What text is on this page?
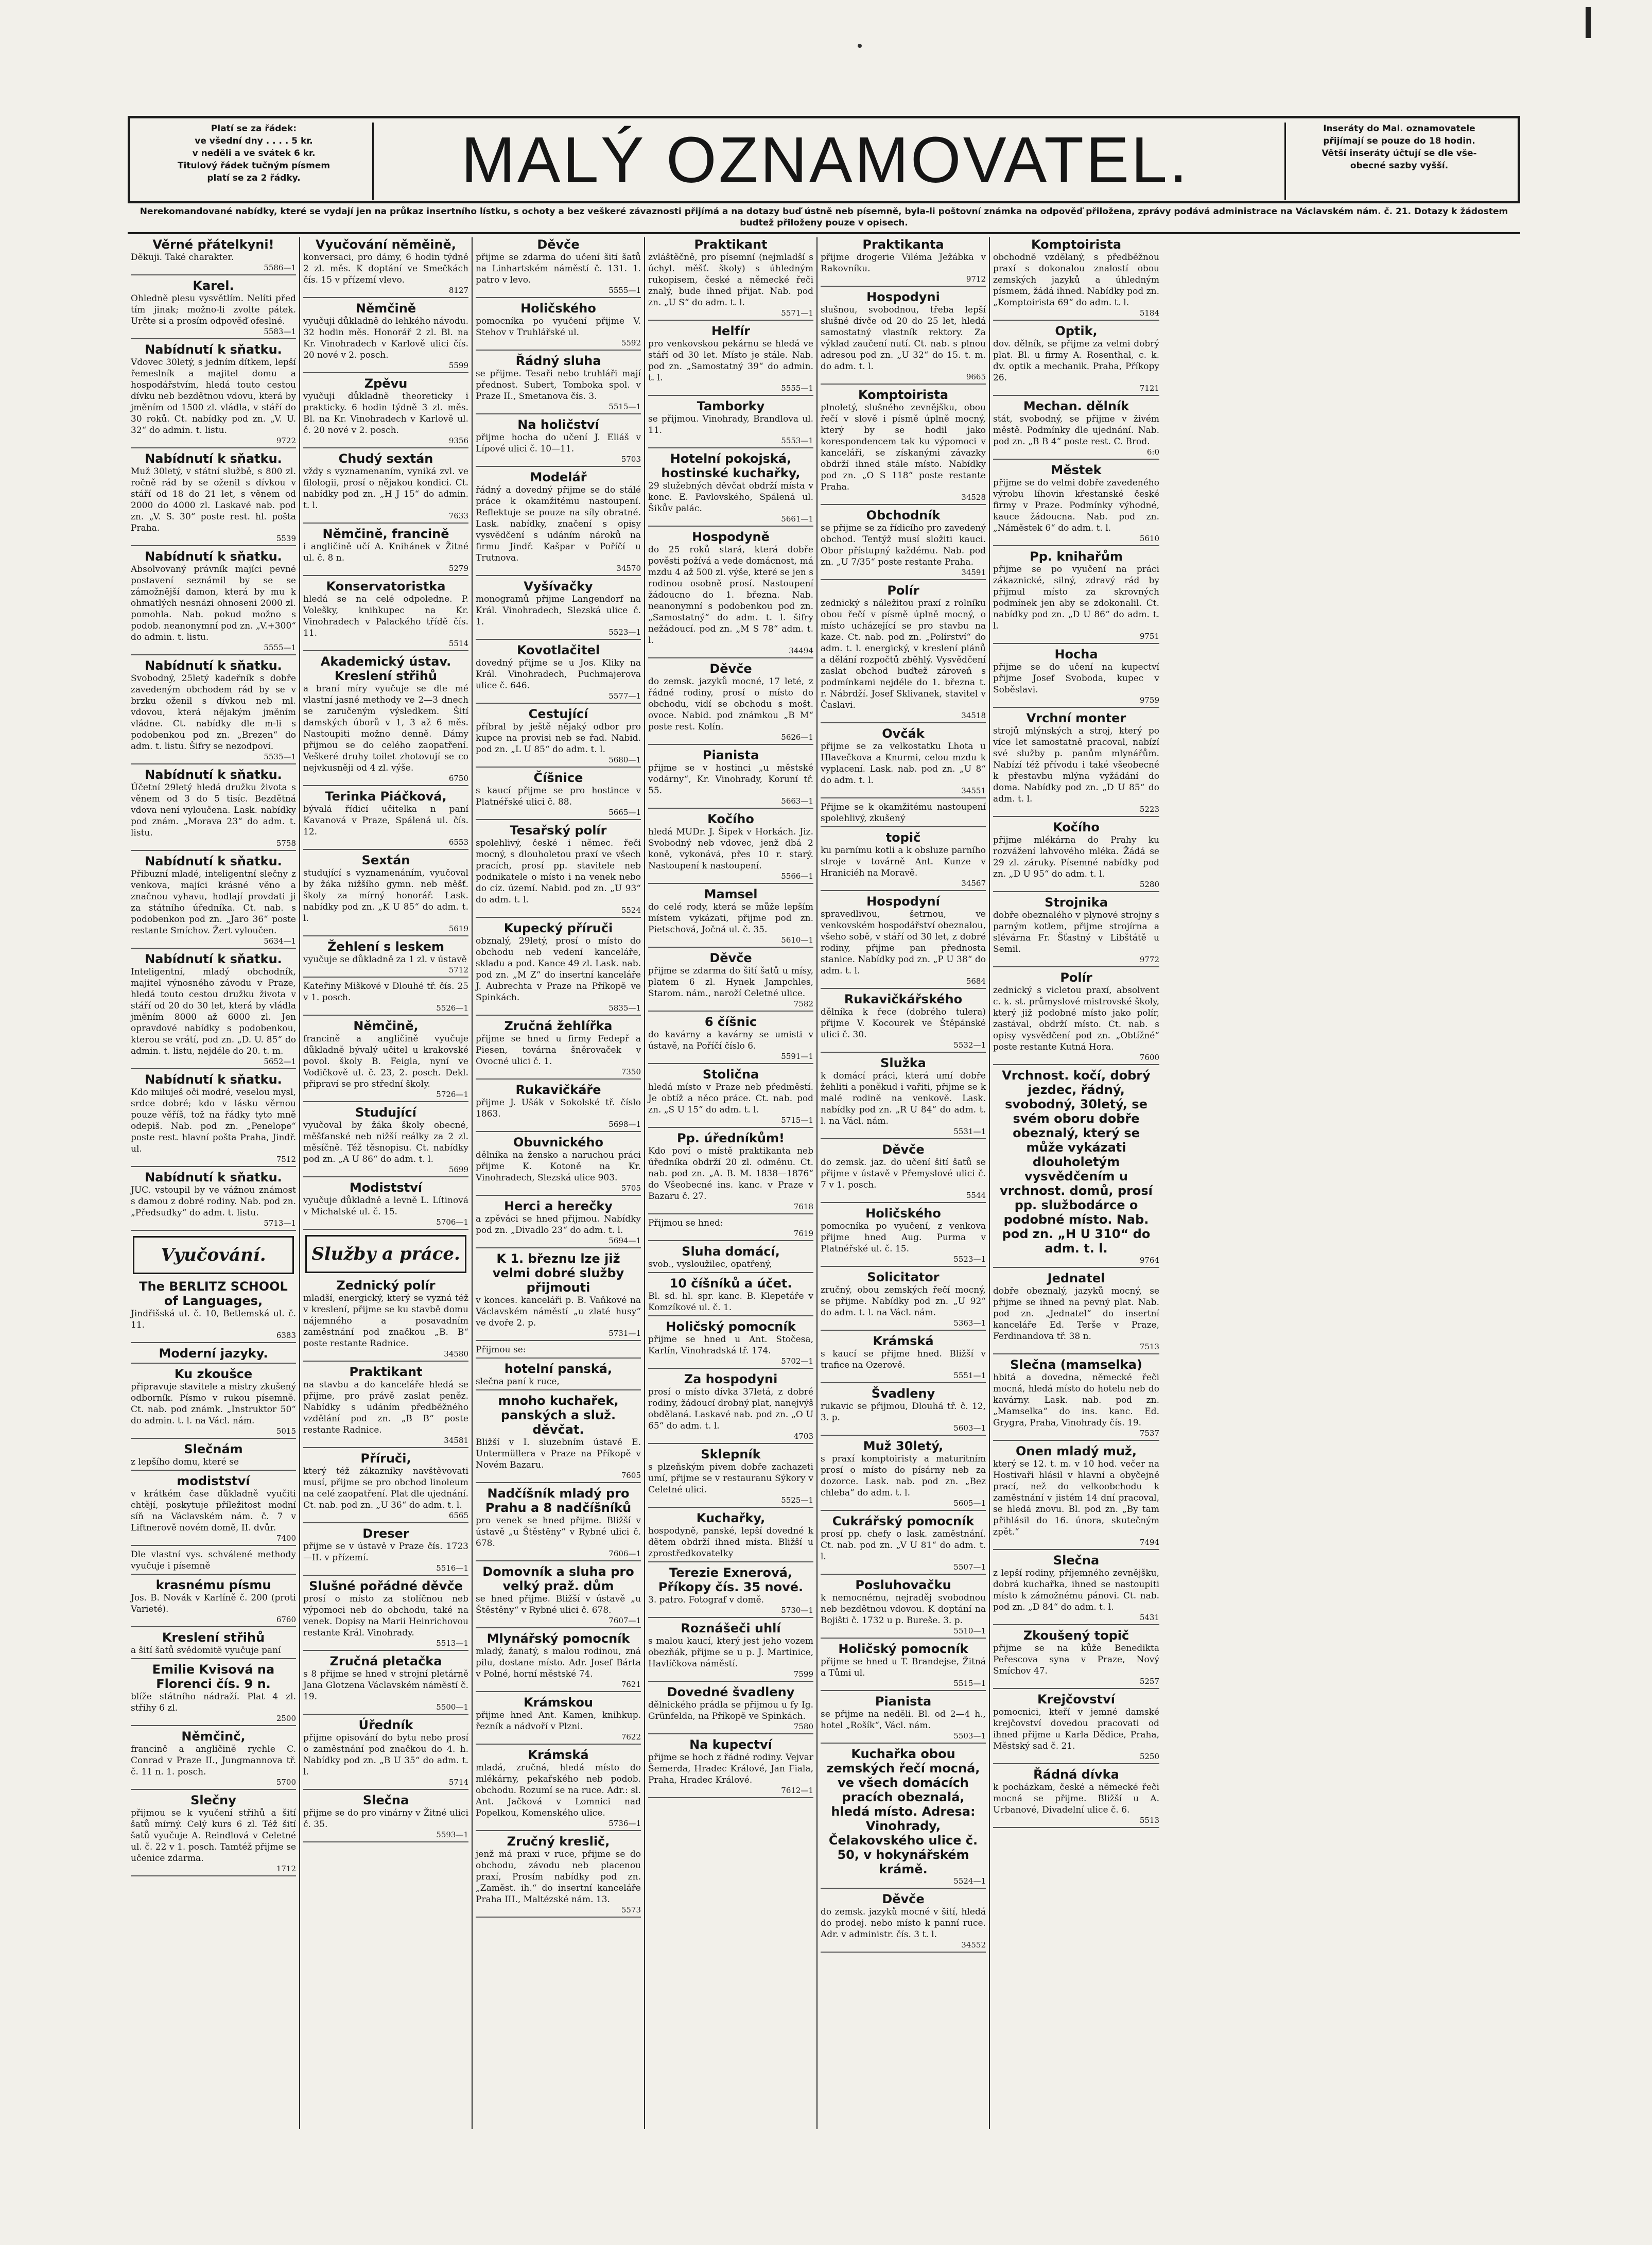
Platí se za řádek:
ve všední dny . . . . 5 kr.
v neděli a ve svátek 6 kr.
Titulový řádek tučným písmem
platí se za 2 řádky.	MALÝ OZNAMOVATEL.	Inseráty do Mal. oznamovatele
přijímají se pouze do 18 hodin.
Větší inseráty účtují se dle vše-
obecné sazby vyšší.
Nerekomandované nabídky, které se vydají jen na průkaz insertního lístku, s ochoty a bez veškeré závaznosti přijímá a na dotazy buď ústně neb písemně, byla-li poštovní známka na odpověď přiložena, zprávy podává administrace na Václavském nám. č. 21. Dotazy k žádostem budtež přiloženy pouze v opisech.
Věrné přátelkyni!
Děkuji. Také charakter.
5586—1
Karel.
Ohledně plesu vysvětlím. Nelíti před tím jinak; možno-li zvolte pátek. Určte si a prosím odpověď ofeslné.
5583—1
Nabídnutí k sňatku.
Vdovec 30letý, s jedním dítkem, lepší řemeslník a majitel domu a hospodářstvím, hledá touto cestou dívku neb bezdětnou vdovu, která by jměním od 1500 zl. vládla, v stáří do 30 roků. Ct. nabídky pod zn. „V. U. 32“ do admin. t. listu.
9722
Nabídnutí k sňatku.
Muž 30letý, v státní službě, s 800 zl. ročně rád by se oženil s dívkou v stáří od 18 do 21 let, s věnem od 2000 do 4000 zl. Laskavé nab. pod zn. „V. S. 30“ poste rest. hl. pošta Praha.
5539
Nabídnutí k sňatku.
Absolvovaný právník majíci pevné postavení seznámil by se se zámožnější damon, která by mu k ohmatlých nesnázi ohnoseni 2000 zl. pomohla. Nab. pokud možno s podob. neanonymní pod zn. „V.+300“ do admin. t. listu.
5555—1
Nabídnutí k sňatku.
Svobodný, 25letý kadeřník s dobře zavedeným obchodem rád by se v brzku oženil s dívkou neb ml. vdovou, která nějakým jměním vládne. Ct. nabídky dle m-li s podobenkou pod zn. „Brezen“ do adm. t. listu. Šifry se nezodpoví.
5535—1
Nabídnutí k sňatku.
Účetní 29letý hledá družku života s věnem od 3 do 5 tisíc. Bezdětná vdova není vyloučena. Lask. nabídky pod znám. „Morava 23“ do adm. t. listu.
5758
Nabídnutí k sňatku.
Přibuzní mladé, inteligentní slečny z venkova, majíci krásné věno a značnou vyhavu, hodlají provdati ji za státního úředníka. Ct. nab. s podobenkon pod zn. „Jaro 36“ poste restante Smíchov. Žert vyloučen.
5634—1
Nabídnutí k sňatku.
Inteligentní, mladý obchodník, majitel výnosného závodu v Praze, hledá touto cestou družku života v stáří od 20 do 30 let, která by vládla jměním 8000 až 6000 zl. Jen opravdové nabídky s podobenkou, kterou se vrátí, pod zn. „D. U. 85“ do admin. t. listu, nejdéle do 20. t. m.
5652—1
Nabídnutí k sňatku.
Kdo miluješ oči modré, veselou mysl, srdce dobré; kdo v lásku věrnou pouze věříš, tož na řádky tyto mně odepiš. Nab. pod zn. „Penelope“ poste rest. hlavní pošta Praha, Jindř. ul.
7512
Nabídnutí k sňatku.
JUC. vstoupil by ve vážnou známost s damou z dobré rodiny. Nab. pod zn. „Předsudky“ do adm. t. listu.
5713—1
Vyučování.
The BERLITZ SCHOOL of Languages,
Jindřišská ul. č. 10, Betlemská ul. č. 11.
6383
Moderní jazyky.
Ku zkoušce
připravuje stavitele a mistry zkušený odborník. Písmo v rukou písemně. Ct. nab. pod známk. „Instruktor 50“ do admin. t. l. na Václ. nám.
5015
Slečnám
z lepšího domu, které se
modistství
v krátkém čase důkladně vyučiti chtějí, poskytuje příležitost modní síň na Václavském nám. č. 7 v Liftnerově novém domě, II. dvůr.
7400
Dle vlastní vys. schválené methody vyučuje i písemně
krasnému písmu
Jos. B. Novák v Karlíně č. 200 (proti Varieté).
6760
Kreslení střihů
a šití šatů svědomitě vyučuje paní
Emilie Kvisová na Florenci čís. 9 n.
blíže státního nádraží. Plat 4 zl. střihy 6 zl.
2500
Němčinč,
francinč a angličině rychle C. Conrad v Praze II., Jungmannova tř. č. 11 n. 1. posch.
5700
Slečny
přijmou se k vyučení střihů a šití šatů mírný. Celý kurs 6 zl. Též šití šatů vyučuje A. Reindlová v Celetné ul. č. 22 v 1. posch. Tamtéž přijme se učenice zdarma.
1712
Vyučování něměině,
konversaci, pro dámy, 6 hodin týdně 2 zl. měs. K doptání ve Smečkách čís. 15 v přízemí vlevo.
8127
Němčině
vyučuji důkladně do lehkého návodu. 32 hodin měs. Honorář 2 zl. Bl. na Kr. Vinohradech v Karlově ulici čís. 20 nové v 2. posch.
5599
Zpěvu
vyučuji důkladně theoreticky i prakticky. 6 hodin týdně 3 zl. měs. Bl. na Kr. Vinohradech v Karlově ul. č. 20 nové v 2. posch.
9356
Chudý sextán
vždy s vyznamenaním, vyniká zvl. ve filologii, prosí o nějakou kondici. Ct. nabídky pod zn. „H J 15“ do admin. t. l.
7633
Němčině, francině
i angličině učí A. Knihánek v Žitné ul. č. 8 n.
5279
Konservatoristka
hledá se na celé odpoledne. P. Volešky, knihkupec na Kr. Vinohradech v Palackého třídě čís. 11.
5514
Akademický ústav. Kreslení střihů
a braní míry vyučuje se dle mé vlastní jasné methody ve 2—3 dnech se zaručeným výsledkem. Šití damských úborů v 1, 3 až 6 měs. Nastoupiti možno denně. Dámy přijmou se do celého zaopatření. Veškeré druhy toilet zhotovují se co nejvkusněji od 4 zl. výše.
6750
Terinka Piáčková,
bývalá řídicí učitelka n paní Kavanová v Praze, Spálená ul. čís. 12.
6553
Sextán
studující s vyznamenáním, vyučoval by žáka nižšího gymn. neb měšť. školy za mírný honorář. Lask. nabídky pod zn. „K U 85“ do adm. t. l.
5619
Žehlení s leskem
vyučuje se důkladně za 1 zl. v ústavě
5712
Kateřiny Miškové v Dlouhé tř. čís. 25 v 1. posch.
5526—1
Němčině,
francině a angličině vyučuje důkladně bývalý učitel u krakovské povol. školy B. Feigla, nyní ve Vodičkově ul. č. 23, 2. posch. Dekl. připraví se pro střední školy.
5726—1
Studující
vyučoval by žáka školy obecné, měšťanské neb nižší reálky za 2 zl. měsíčně. Též těsnopisu. Ct. nabídky pod zn. „A U 86“ do adm. t. l.
5699
Modistství
vyučuje důkladně a levně L. Lítinová v Michalské ul. č. 15.
5706—1
Služby a práce.
Zednický polír
mladší, energický, který se vyzná též v kreslení, přijme se ku stavbě domu nájemného a posavadním zaměstnání pod značkou „B. B“ poste restante Radnice.
34580
Praktikant
na stavbu a do kanceláře hledá se přijme, pro právě zaslat peněz. Nabídky s udáním předběžného vzdělání pod zn. „B B“ poste restante Radnice.
34581
Příruči,
který též zákazníky navštěvovati musí, přijme se pro obchod linoleum na celé zaopatření. Plat dle ujednání. Ct. nab. pod zn. „U 36“ do adm. t. l.
6565
Dreser
přijme se v ústavě v Praze čís. 1723—II. v přízemí.
5516—1
Slušné pořádné děvče
prosí o místo za stolíčnou neb výpomoci neb do obchodu, také na venek. Dopisy na Marii Heinrichovou restante Král. Vinohrady.
5513—1
Zručná pletačka
s 8 přijme se hned v strojní pletárně Jana Glotzena Václavském náměstí č. 19.
5500—1
Úředník
přijme opisování do bytu nebo prosí o zaměstnání pod značkou do 4. h. Nabídky pod zn. „B U 35“ do adm. t. l.
5714
Slečna
přijme se do pro vinárny v Žitné ulici č. 35.
5593—1
Děvče
přijme se zdarma do učení šití šatů na Linhartském náměstí č. 131. 1. patro v levo.
5555—1
Holičského
pomocníka po vyučení přijme V. Stehov v Truhlářské ul.
5592
Řádný sluha
se přijme. Tesaři nebo truhláři mají přednost. Subert, Tomboka spol. v Praze II., Smetanova čís. 3.
5515—1
Na holičství
přijme hocha do učení J. Eliáš v Lípové ulici č. 10—11.
5703
Modelář
řádný a dovedný přijme se do stálé práce k okamžitému nastoupení. Reflektuje se pouze na síly obratné. Lask. nabídky, značení s opisy vysvědčení s udáním nároků na firmu Jindř. Kašpar v Poříčí u Trutnova.
34570
Vyšívačky
monogramů přijme Langendorf na Král. Vinohradech, Slezská ulice č. 1.
5523—1
Kovotlačitel
dovedný přijme se u Jos. Kliky na Král. Vinohradech, Puchmajerova ulice č. 646.
5577—1
Cestující
příbral by ještě nějaký odbor pro kupce na provisi neb se řad. Nabid. pod zn. „L U 85“ do adm. t. l.
5680—1
Číšnice
s kaucí přijme se pro hostince v Platnéřské ulici č. 88.
5665—1
Tesařský polír
spolehlivý, české i němec. řeči mocný, s dlouholetou praxí ve všech pracích, prosí pp. stavitele neb podnikatele o místo i na venek nebo do cíz. území. Nabid. pod zn. „U 93“ do adm. t. l.
5524
Kupecký příruči
obznalý, 29letý, prosí o místo do obchodu neb vedení kanceláře, skladu a pod. Kance 49 zl. Lask. nab. pod zn. „M Z“ do insertní kanceláře J. Aubrechta v Praze na Příkopě ve Spinkách.
5835—1
Zručná žehlířka
přijme se hned u firmy Fedepř a Piesen, továrna šněrovaček v Ovocné ulici č. 1.
7350
Rukavičkáře
přijme J. Ušák v Sokolské tř. číslo 1863.
5698—1
Obuvnického
dělníka na žensko a naruchou práci přijme K. Kotoně na Kr. Vinohradech, Slezská ulice 903.
5705
Herci a herečky
a zpěváci se hned přijmou. Nabídky pod zn. „Divadlo 23“ do adm. t. l.
5694—1
K 1. březnu lze již velmi dobré služby přijmouti
v konces. kanceláři p. B. Vaňkové na Václavském náměstí „u zlaté husy“ ve dvoře 2. p.
5731—1
Přijmou se:
hotelní panská,
slečna paní k ruce,
mnoho kuchařek, panských a služ. děvčat.
Bližší v I. sluzebním ústavě E. Untermüllera v Praze na Příkopě v Novém Bazaru.
7605
Nadčíšník mladý pro Prahu a 8 nadčíšníků
pro venek se hned přijme. Bližší v ústavě „u Štěstěny“ v Rybné ulici č. 678.
7606—1
Domovník a sluha pro velký praž. dům
se hned přijme. Bližší v ústavě „u Štěstěny“ v Rybné ulici č. 678.
7607—1
Mlynářský pomocník
mladý, žanatý, s malou rodinou, zná pilu, dostane místo. Adr. Josef Bárta v Polné, horní městské 74.
7621
Krámskou
přijme hned Ant. Kamen, knihkup. řezník a nádvoří v Plzni.
7622
Krámská
mladá, zručná, hledá místo do mlékárny, pekařského neb podob. obchodu. Rozumí se na ruce. Adr.: sl. Ant. Jačková v Lomnici nad Popelkou, Komenského ulice.
5736—1
Zručný kreslič,
jenž má praxi v ruce, přijme se do obchodu, závodu neb placenou praxí, Prosím nabídky pod zn. „Zaměst. ih.“ do insertní kanceláře Praha III., Maltézské nám. 13.
5573
Praktikant
zvláštěčně, pro písemní (nejmladší s úchyl. měšť. školy) s úhledným rukopisem, české a německé řeči znalý, bude ihned přijat. Nab. pod zn. „U S“ do adm. t. l.
5571—1
Helfír
pro venkovskou pekárnu se hledá ve stáří od 30 let. Místo je stále. Nab. pod zn. „Samostatný 39“ do admin. t. l.
5555—1
Tamborky
se přijmou. Vinohrady, Brandlova ul. 11.
5553—1
Hotelní pokojská, hostinské kuchařky,
29 služebných děvčat obdrží místa v konc. E. Pavlovského, Spálená ul. Šikův palác.
5661—1
Hospodyně
do 25 roků stará, která dobře pověsti požívá a vede domácnost, má mzdu 4 až 500 zl. výše, které se jen s rodinou osobně prosí. Nastoupení žádoucno do 1. března. Nab. neanonymní s podobenkou pod zn. „Samostatný“ do adm. t. l. šifry nežádoucí. pod zn. „M S 78“ adm. t. l.
34494
Děvče
do zemsk. jazyků mocné, 17 leté, z řádné rodiny, prosí o místo do obchodu, vidí se obchodu s mošt. ovoce. Nabid. pod známkou „B M“ poste rest. Kolín.
5626—1
Pianista
přijme se v hostinci „u městské vodárny“, Kr. Vinohrady, Koruní tř. 55.
5663—1
Kočího
hledá MUDr. J. Šipek v Horkách. Jiz. Svobodný neb vdovec, jenž dbá 2 koně, vykonává, přes 10 r. starý. Nastoupení k nastoupení.
5566—1
Mamsel
do celé rody, která se může lepším místem vykázati, přijme pod zn. Pietschová, Jočná ul. č. 35.
5610—1
Děvče
přijme se zdarma do šití šatů u mísy, platem 6 zl. Hynek Jampchles, Starom. nám., naroží Celetné ulice.
7582
6 číšnic
do kavárny a kavárny se umisti v ústavě, na Poříčí číslo 6.
5591—1
Stolična
hledá místo v Praze neb předměstí. Je obtíž a něco práce. Ct. nab. pod zn. „S U 15“ do adm. t. l.
5715—1
Pp. úředníkům!
Kdo poví o místě praktikanta neb úředníka obdrží 20 zl. odměnu. Ct. nab. pod zn. „A. B. M. 1838—1876“ do Všeobecné ins. kanc. v Praze v Bazaru č. 27.
7618
Přijmou se hned:
7619
Sluha domácí,
svob., vysloužilec, opatřený,
10 číšníků a účet.
Bl. sd. hl. spr. kanc. B. Klepetáře v Komzíkové ul. č. 1.
Holičský pomocník
přijme se hned u Ant. Stočesa, Karlín, Vinohradská tř. 174.
5702—1
Za hospodyni
prosí o místo dívka 37letá, z dobré rodiny, žádoucí drobný plat, nanejvýš obdělaná. Laskavé nab. pod zn. „O U 65“ do adm. t. l.
4703
Sklepník
s plzeňským pivem dobře zachazeti umí, přijme se v restauranu Sýkory v Celetné ulici.
5525—1
Kuchařky,
hospodyně, panské, lepší dovedné k dětem obdrží ihned místa. Bližší u zprostředkovatelky
Terezie Exnerová, Příkopy čís. 35 nové.
3. patro. Fotograf v domě.
5730—1
Roznášeči uhlí
s malou kaucí, který jest jeho vozem obezňák, přijme se u p. J. Martinice, Havlíčkova náměstí.
7599
Dovedné švadleny
dělnického prádla se přijmou u fy Ig. Grünfelda, na Příkopě ve Spinkách.
7580
Na kupectví
přijme se hoch z řádné rodiny. Vejvar Šemerda, Hradec Králové, Jan Fiala, Praha, Hradec Králové.
7612—1
Praktikanta
přijme drogerie Viléma Ježábka v Rakovníku.
9712
Hospodyni
slušnou, svobodnou, třeba lepší slušné dívče od 20 do 25 let, hledá samostatný vlastník rektory. Za výklad zaučení nutí. Ct. nab. s plnou adresou pod zn. „U 32“ do 15. t. m. do adm. t. l.
9665
Komptoirista
plnoletý, slušného zevnějšku, obou řečí v slově i písmě úplně mocný, který by se hodil jako korespondencem tak ku výpomoci v kanceláři, se získanými závazky obdrží ihned stále místo. Nabídky pod zn. „O S 118“ poste restante Praha.
34528
Obchodník
se přijme se za řídicího pro zavedený obchod. Tentýž musí složiti kauci. Obor přístupný každému. Nab. pod zn. „U 7/35“ poste restante Praha.
34591
Polír
zednický s náležitou praxí z rolníku obou řečí v písmě úplně mocný, o místo ucházející se pro stavbu na kaze. Ct. nab. pod zn. „Polírství“ do adm. t. l. energický, v kreslení plánů a dělání rozpočtů zběhlý. Vysvědčení zaslat obchod buďtež zároveň s podmínkami nejdéle do 1. března t. r. Nábrdží. Josef Sklivanek, stavitel v Časlavi.
34518
Ovčák
přijme se za velkostatku Lhota u Hlavečkova a Knurmi, celou mzdu k vyplacení. Lask. nab. pod zn. „U 8“ do adm. t. l.
34551
Přijme se k okamžitému nastoupení spolehlivý, zkušený
topič
ku parnímu kotli a k obsluze parního stroje v továrně Ant. Kunze v Hraniciéh na Moravě.
34567
Hospodyní
spravedlivou, šetrnou, ve venkovském hospodářství obeznalou, všeho sobě, v stáří od 30 let, z dobré rodiny, přijme pan přednosta stanice. Nabídky pod zn. „P U 38“ do adm. t. l.
5684
Rukavičkářského
dělníka k řece (dobrého tulera) přijme V. Kocourek ve Štěpánské ulici č. 30.
5532—1
Služka
k domácí práci, která umí dobře žehliti a poněkud i vařiti, přijme se k malé rodině na venkově. Lask. nabídky pod zn. „R U 84“ do adm. t. l. na Václ. nám.
5531—1
Děvče
do zemsk. jaz. do učení šití šatů se přijme v ústavě v Přemyslové ulici č. 7 v 1. posch.
5544
Holičského
pomocníka po vyučení, z venkova přijme hned Aug. Purma v Platnéřské ul. č. 15.
5523—1
Solicitator
zručný, obou zemských řečí mocný, se přijme. Nabídky pod zn. „U 92“ do adm. t. l. na Václ. nám.
5363—1
Krámská
s kaucí se přijme hned. Bližší v trafice na Ozerově.
5551—1
Švadleny
rukavic se přijmou, Dlouhá tř. č. 12, 3. p.
5603—1
Muž 30letý,
s praxí komptoiristy a maturitním prosí o místo do písárny neb za dozorce. Lask. nab. pod zn. „Bez chleba“ do adm. t. l.
5605—1
Cukrářský pomocník
prosí pp. chefy o lask. zaměstnání. Ct. nab. pod zn. „V U 81“ do adm. t. l.
5507—1
Posluhovačku
k nemocnému, nejraděj svobodnou neb bezdětnou vdovou. K doptání na Bojišti č. 1732 u p. Bureše. 3. p.
5510—1
Holičský pomocník
přijme se hned u T. Brandejse, Žitná a Tůmi ul.
5515—1
Pianista
se přijme na neděli. Bl. od 2—4 h., hotel „Rošík“, Václ. nám.
5503—1
Kuchařka obou zemských řečí mocná, ve všech domácích pracích obeznalá, hledá místo. Adresa: Vinohrady, Čelakovského ulice č. 50, v hokynářském krámě.
5524—1
Děvče
do zemsk. jazyků mocné v šití, hledá do prodej. nebo místo k panní ruce. Adr. v administr. čís. 3 t. l.
34552
Komptoirista
obchodně vzdělaný, s předběžnou praxí s dokonalou znalostí obou zemských jazyků a úhledným písmem, žádá ihned. Nabídky pod zn. „Komptoirista 69“ do adm. t. l.
5184
Optik,
dov. dělník, se přijme za velmi dobrý plat. Bl. u firmy A. Rosenthal, c. k. dv. optik a mechanik. Praha, Příkopy 26.
7121
Mechan. dělník
stát, svobodný, se přijme v živém městě. Podmínky dle ujednání. Nab. pod zn. „B B 4“ poste rest. C. Brod.
6:0
Městek
přijme se do velmi dobře zavedeného výrobu líhovin křestanské české firmy v Praze. Podmínky výhodné, kauce žádoucna. Nab. pod zn. „Náměstek 6“ do adm. t. l.
5610
Pp. knihařům
přijme se po vyučení na práci zákaznické, silný, zdravý rád by přijmul místo za skrovných podmínek jen aby se zdokonalil. Ct. nabídky pod zn. „D U 86“ do adm. t. l.
9751
Hocha
přijme se do učení na kupectví přijme Josef Svoboda, kupec v Soběslavi.
9759
Vrchní monter
strojů mlýnských a stroj, který po více let samostatně pracoval, nabízí své služby p. panům mlynářům. Nabízí též přívodu i také všeobecné k přestavbu mlýna vyžádání do doma. Nabídky pod zn. „D U 85“ do adm. t. l.
5223
Kočího
přijme mlékárna do Prahy ku rozvážení lahvového mléka. Žádá se 29 zl. záruky. Písemné nabídky pod zn. „D U 95“ do adm. t. l.
5280
Strojnika
dobře obeznalého v plynové strojny s parným kotlem, přijme strojírna a slévárna Fr. Šťastný v Libštátě u Semil.
9772
Polír
zednický s vicletou praxí, absolvent c. k. st. průmyslové mistrovské školy, který již podobné místo jako polír, zastával, obdrží místo. Ct. nab. s opisy vysvědčení pod zn. „Obtížné“ poste restante Kutná Hora.
7600
Vrchnost. kočí, dobrý jezdec, řádný, svobodný, 30letý, se svém oboru dobře obeznalý, který se může vykázati dlouholetým vysvědčením u vrchnost. domů, prosí pp. službodárce o podobné místo. Nab. pod zn. „H U 310“ do adm. t. l.
9764
Jednatel
dobře obeznalý, jazyků mocný, se přijme se ihned na pevný plat. Nab. pod zn. „Jednatel“ do insertní kanceláře Ed. Terše v Praze, Ferdinandova tř. 38 n.
7513
Slečna (mamselka)
hbitá a dovedna, německé řeči mocná, hledá místo do hotelu neb do kavárny. Lask. nab. pod zn. „Mamselka“ do ins. kanc. Ed. Grygra, Praha, Vinohrady čís. 19.
7537
Onen mladý muž,
který se 12. t. m. v 10 hod. večer na Hostivaři hlásil v hlavní a obyčejně prací, než do velkoobchodu k zaměstnání v jistém 14 dní pracoval, se hledá znovu. Bl. pod zn. „By tam přihlásil do 16. února, skutečným zpět.“
7494
Slečna
z lepší rodiny, příjemného zevnějšku, dobrá kuchařka, ihned se nastoupiti místo k zámožnému pánovi. Ct. nab. pod zn. „D 84“ do adm. t. l.
5431
Zkoušený topič
přijme se na kůže Benedikta Peřescova syna v Praze, Nový Smíchov 47.
5257
Krejčovství
pomocnici, kteří v jemné damské krejčovství dovedou pracovati od ihned přijme u Karla Dědice, Praha, Městský sad č. 21.
5250
Řádná dívka
k pocházkam, české a německé řeči mocná se přijme. Bližší u A. Urbanové, Divadelní ulice č. 6.
5513
